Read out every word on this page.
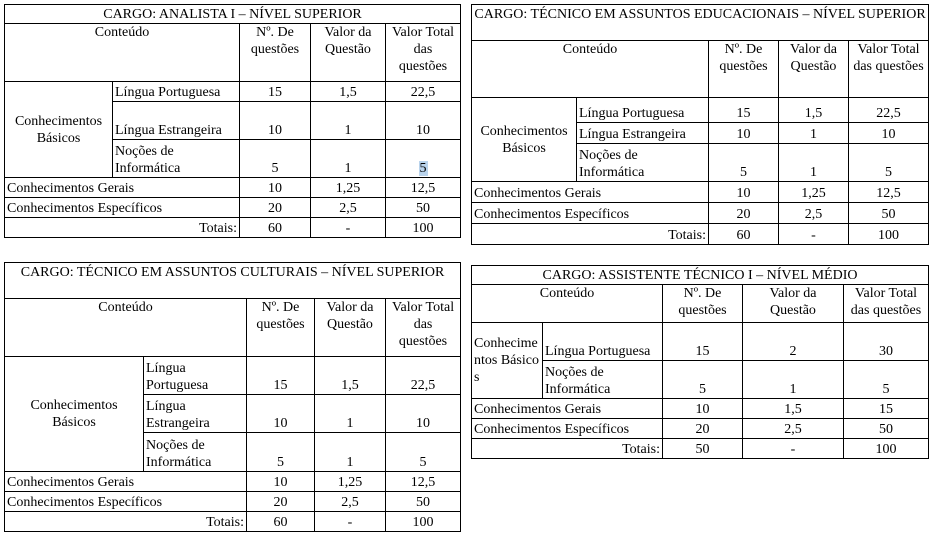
CARGO: ANALISTA I – NÍVEL SUPERIOR				
Conteúdo		Nº. De questões	Valor da Questão	Valor Total das questões
Conhecimentos Básicos	Língua Portuguesa	15	1,5	22,5
	Língua Estrangeira	10	1	10
	Noções de Informática	5	1	5
Conhecimentos Gerais		10	1,25	12,5
Conhecimentos Específicos		20	2,5	50
Totais:		60	-	100
CARGO: TÉCNICO EM ASSUNTOS EDUCACIONAIS – NÍVEL SUPERIOR				
Conteúdo		Nº. De questões	Valor da Questão	Valor Total das questões
Conhecimentos Básicos	Língua Portuguesa	15	1,5	22,5
	Língua Estrangeira	10	1	10
	Noções de Informática	5	1	5
Conhecimentos Gerais		10	1,25	12,5
Conhecimentos Específicos		20	2,5	50
Totais:		60	-	100
CARGO: TÉCNICO EM ASSUNTOS CULTURAIS – NÍVEL SUPERIOR				
Conteúdo		Nº. De questões	Valor da Questão	Valor Total das questões
Conhecimentos Básicos	Língua Portuguesa	15	1,5	22,5
	Língua Estrangeira	10	1	10
	Noções de Informática	5	1	5
Conhecimentos Gerais		10	1,25	12,5
Conhecimentos Específicos		20	2,5	50
Totais:		60	-	100
CARGO: ASSISTENTE TÉCNICO I – NÍVEL MÉDIO				
Conteúdo		Nº. De questões	Valor da Questão	Valor Total das questões
Conhecimentos Básicos	Língua Portuguesa	15	2	30
	Noções de Informática	5	1	5
Conhecimentos Gerais		10	1,5	15
Conhecimentos Específicos		20	2,5	50
Totais:		50	-	100
